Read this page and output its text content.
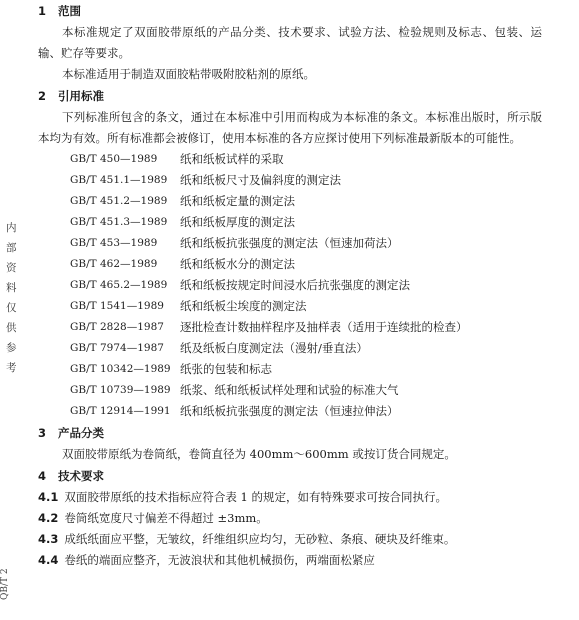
内部资料仅供参考
QB/T 2
1 范围

本标准规定了双面胶带原纸的产品分类、技术要求、试验方法、检验规则及标志、包装、运输、贮存等要求。

本标准适用于制造双面胶粘带吸附胶粘剂的原纸。

2 引用标准

下列标准所包含的条文，通过在本标准中引用而构成为本标准的条文。本标准出版时，所示版本均为有效。所有标准都会被修订，使用本标准的各方应探讨使用下列标准最新版本的可能性。

GB/T 450—1989	纸和纸板试样的采取
GB/T 451.1—1989	纸和纸板尺寸及偏斜度的测定法
GB/T 451.2—1989	纸和纸板定量的测定法
GB/T 451.3—1989	纸和纸板厚度的测定法
GB/T 453—1989	纸和纸板抗张强度的测定法（恒速加荷法）
GB/T 462—1989	纸和纸板水分的测定法
GB/T 465.2—1989	纸和纸板按规定时间浸水后抗张强度的测定法
GB/T 1541—1989	纸和纸板尘埃度的测定法
GB/T 2828—1987	逐批检查计数抽样程序及抽样表（适用于连续批的检查）
GB/T 7974—1987	纸及纸板白度测定法（漫射/垂直法）
GB/T 10342—1989 纸张的包装和标志
GB/T 10739—1989 纸浆、纸和纸板试样处理和试验的标准大气
GB/T 12914—1991 纸和纸板抗张强度的测定法（恒速拉伸法）
3 产品分类

双面胶带原纸为卷筒纸，卷筒直径为 400mm～600mm 或按订货合同规定。

4 技术要求

4.1 双面胶带原纸的技术指标应符合表 1 的规定，如有特殊要求可按合同执行。

4.2 卷筒纸宽度尺寸偏差不得超过 ±3mm。

4.3 成纸纸面应平整，无皱纹，纤维组织应均匀，无砂粒、条痕、硬块及纤维束。

4.4 卷纸的端面应整齐，无波浪状和其他机械损伤，两端面松紧应
